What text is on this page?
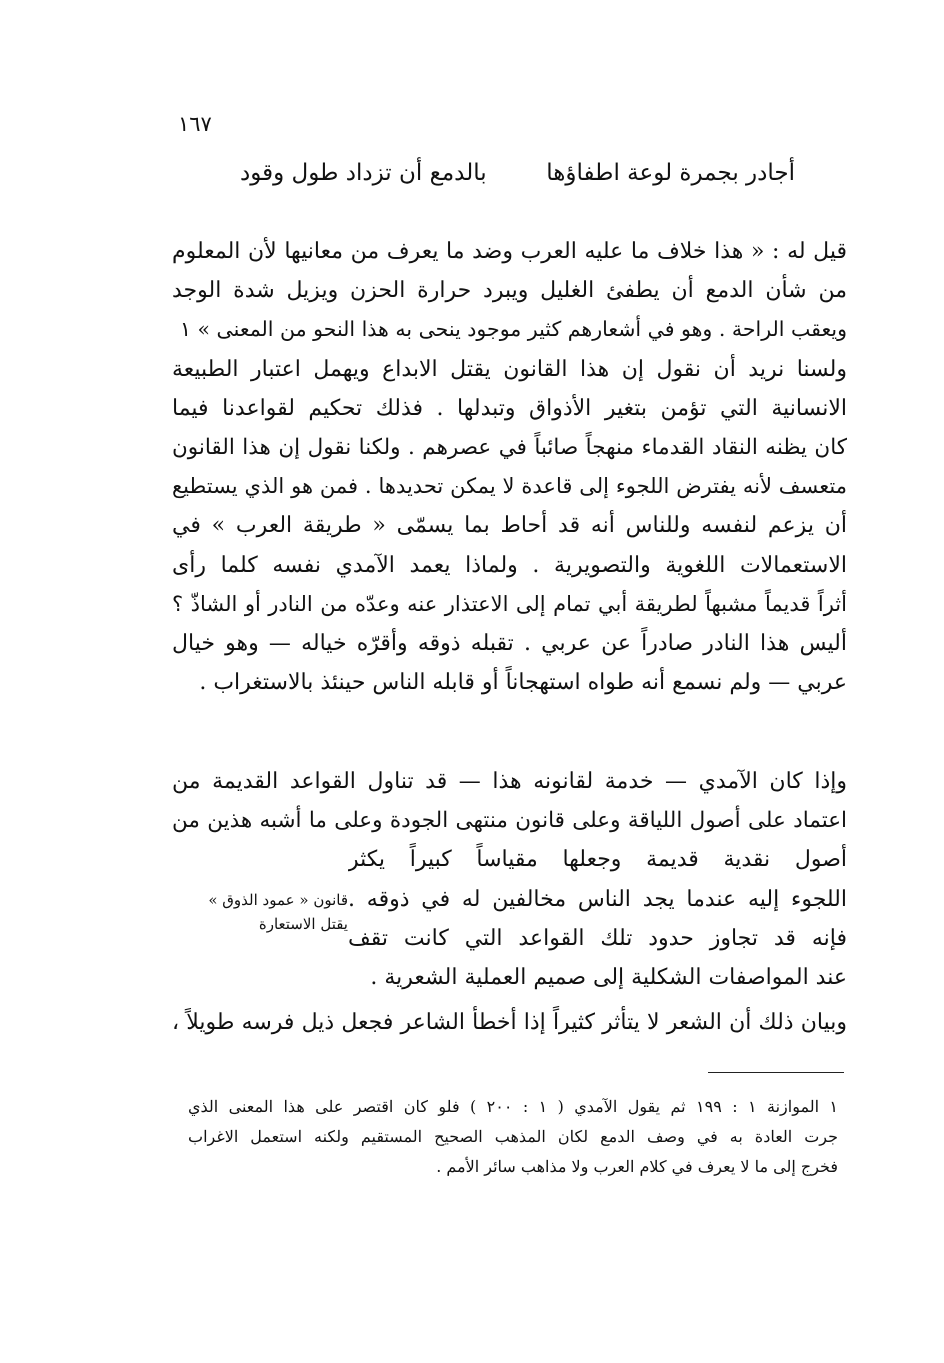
١٦٧
أجادر بجمرة لوعة اطفاؤها
بالدمع أن تزداد طول وقود
قيل له : « هذا خلاف ما عليه العرب وضد ما يعرف من معانيها لأن المعلوم
من شأن الدمع أن يطفئ الغليل ويبرد حرارة الحزن ويزيل شدة الوجد
ويعقب الراحة . وهو في أشعارهم كثير موجود ينحى به هذا النحو من المعنى » ١
ولسنا نريد أن نقول إن هذا القانون يقتل الابداع ويهمل اعتبار الطبيعة
الانسانية التي تؤمن بتغير الأذواق وتبدلها . فذلك تحكيم لقواعدنا فيما
كان يظنه النقاد القدماء منهجاً صائباً في عصرهم . ولكنا نقول إن هذا القانون
متعسف لأنه يفترض اللجوء إلى قاعدة لا يمكن تحديدها . فمن هو الذي يستطيع
أن يزعم لنفسه وللناس أنه قد أحاط بما يسمّى « طريقة العرب » في
الاستعمالات اللغوية والتصويرية . ولماذا يعمد الآمدي نفسه كلما رأى
أثراً قديماً مشبهاً لطريقة أبي تمام إلى الاعتذار عنه وعدّه من النادر أو الشاذّ ؟
أليس هذا النادر صادراً عن عربي . تقبله ذوقه وأقرّه خياله — وهو خيال
عربي — ولم نسمع أنه طواه استهجاناً أو قابله الناس حينئذ بالاستغراب .
وإذا كان الآمدي — خدمة لقانونه هذا — قد تناول القواعد القديمة من
اعتماد على أصول اللياقة وعلى قانون منتهى الجودة وعلى ما أشبه هذين من
أصول نقدية قديمة وجعلها مقياساً كبيراً يكثر
اللجوء إليه عندما يجد الناس مخالفين له في ذوقه .
فإنه قد تجاوز حدود تلك القواعد التي كانت تقف
عند المواصفات الشكلية إلى صميم العملية الشعرية .
قانون « عمود الذوق »
يقتل الاستعارة
وبيان ذلك أن الشعر لا يتأثر كثيراً إذا أخطأ الشاعر فجعل ذيل فرسه طويلاً ،
١ الموازنة ١ : ١٩٩ ثم يقول الآمدي ( ١ : ٢٠٠ ) فلو كان اقتصر على هذا المعنى الذي
جرت العادة به في وصف الدمع لكان المذهب الصحيح المستقيم ولكنه استعمل الاغراب
فخرج إلى ما لا يعرف في كلام العرب ولا مذاهب سائر الأمم .
